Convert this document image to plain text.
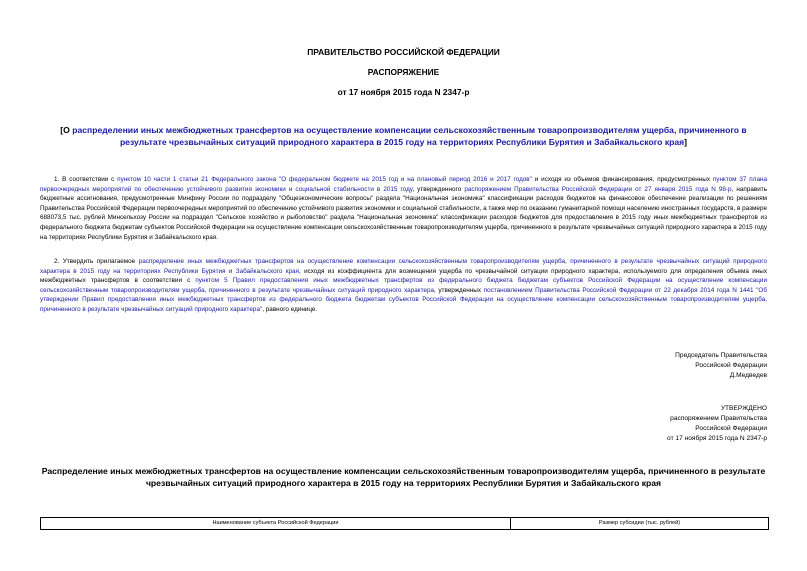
ПРАВИТЕЛЬСТВО РОССИЙСКОЙ ФЕДЕРАЦИИ
РАСПОРЯЖЕНИЕ
от 17 ноября 2015 года N 2347-р
[О распределении иных межбюджетных трансфертов на осуществление компенсации сельскохозяйственным товаропроизводителям ущерба, причиненного в результате чрезвычайных ситуаций природного характера в 2015 году на территориях Республики Бурятия и Забайкальского края]
1. В соответствии с пунктом 10 части 1 статьи 21 Федерального закона "О федеральном бюджете на 2015 год и на плановый период 2016 и 2017 годов" и исходя из объемов финансирования, предусмотренных пунктом 37 плана первоочередных мероприятий по обеспечению устойчивого развития экономики и социальной стабильности в 2015 году, утвержденного распоряжением Правительства Российской Федерации от 27 января 2015 года N 98-р, направить бюджетные ассигнования, предусмотренные Минфину России по подразделу "Общеэкономические вопросы" раздела "Национальная экономика" классификации расходов бюджетов на финансовое обеспечение реализации по решениям Правительства Российской Федерации первоочередных мероприятий по обеспечению устойчивого развития экономики и социальной стабильности, а также мер по оказанию гуманитарной помощи населению иностранных государств, в размере 688073,5 тыс. рублей Минсельхозу России на подраздел "Сельское хозяйство и рыболовство" раздела "Национальная экономика" классификации расходов бюджетов для предоставления в 2015 году иных межбюджетных трансфертов из федерального бюджета бюджетам субъектов Российской Федерации на осуществление компенсации сельскохозяйственным товаропроизводителям ущерба, причиненного в результате чрезвычайных ситуаций природного характера в 2015 году на территориях Республики Бурятия и Забайкальского края.
2. Утвердить прилагаемое распределение иных межбюджетных трансфертов на осуществление компенсации сельскохозяйственным товаропроизводителям ущерба, причиненного в результате чрезвычайных ситуаций природного характера в 2015 году на территориях Республики Бурятия и Забайкальского края, исходя из коэффициента для возмещения ущерба по чрезвычайной ситуации природного характера, используемого для определения объема иных межбюджетных трансфертов в соответствии с пунктом 5 Правил предоставления иных межбюджетных трансфертов из федерального бюджета бюджетам субъектов Российской Федерации на осуществление компенсации сельскохозяйственным товаропроизводителям ущерба, причиненного в результате чрезвычайных ситуаций природного характера, утвержденных постановлением Правительства Российской Федерации от 22 декабря 2014 года N 1441 "Об утверждении Правил предоставления иных межбюджетных трансфертов из федерального бюджета бюджетам субъектов Российской Федерации на осуществление компенсации сельскохозяйственным товаропроизводителям ущерба, причиненного в результате чрезвычайных ситуаций природного характера", равного единице.
Председатель Правительства
Российской Федерации
Д.Медведев
УТВЕРЖДЕНО
распоряжением Правительства
Российской Федерации
от 17 ноября 2015 года N 2347-р
Распределение иных межбюджетных трансфертов на осуществление компенсации сельскохозяйственным товаропроизводителям ущерба, причиненного в результате чрезвычайных ситуаций природного характера в 2015 году на территориях Республики Бурятия и Забайкальского края
Наименование субъекта Российской Федерации	Размер субсидии (тыс. рублей)
